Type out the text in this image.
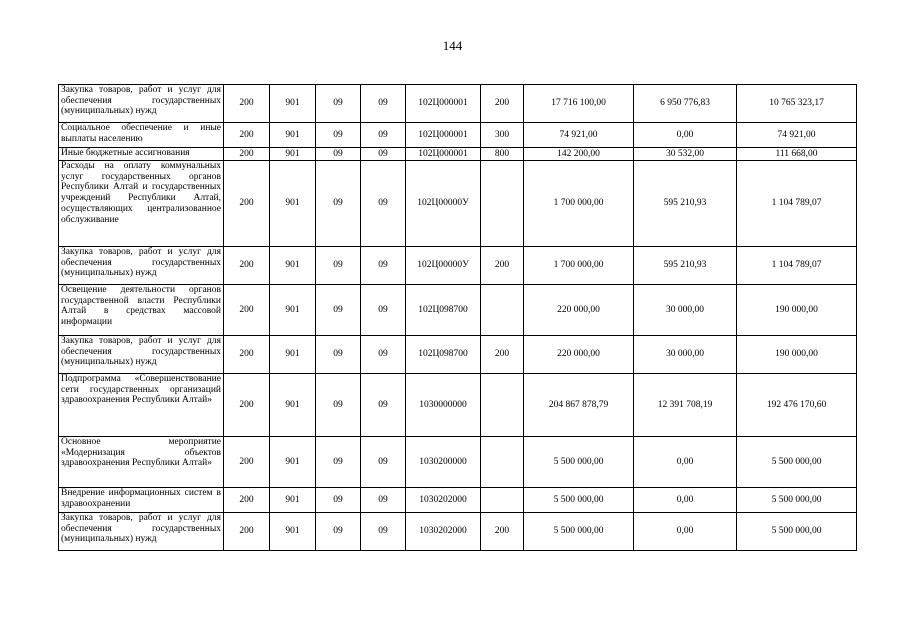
144
Закупка товаров, работ и услуг для обеспечения государственных (муниципальных) нужд	200	901	09	09	102Ц000001	200	17 716 100,00	6 950 776,83	10 765 323,17
Социальное обеспечение и иные выплаты населению	200	901	09	09	102Ц000001	300	74 921,00	0,00	74 921,00
Иные бюджетные ассигнования	200	901	09	09	102Ц000001	800	142 200,00	30 532,00	111 668,00
Расходы на оплату коммунальных услуг государственных органов Республики Алтай и государственных учреждений Республики Алтай, осуществляющих централизованное обслуживание	200	901	09	09	102Ц00000У		1 700 000,00	595 210,93	1 104 789,07
Закупка товаров, работ и услуг для обеспечения государственных (муниципальных) нужд	200	901	09	09	102Ц00000У	200	1 700 000,00	595 210,93	1 104 789,07
Освещение деятельности органов государственной власти Республики Алтай в средствах массовой информации	200	901	09	09	102Ц098700		220 000,00	30 000,00	190 000,00
Закупка товаров, работ и услуг для обеспечения государственных (муниципальных) нужд	200	901	09	09	102Ц098700	200	220 000,00	30 000,00	190 000,00
Подпрограмма «Совершенствование сети государственных организаций здравоохранения Республики Алтай»	200	901	09	09	1030000000		204 867 878,79	12 391 708,19	192 476 170,60
Основное мероприятие «Модернизация объектов здравоохранения Республики Алтай»	200	901	09	09	1030200000		5 500 000,00	0,00	5 500 000,00
Внедрение информационных систем в здравоохранении	200	901	09	09	1030202000		5 500 000,00	0,00	5 500 000,00
Закупка товаров, работ и услуг для обеспечения государственных (муниципальных) нужд	200	901	09	09	1030202000	200	5 500 000,00	0,00	5 500 000,00
